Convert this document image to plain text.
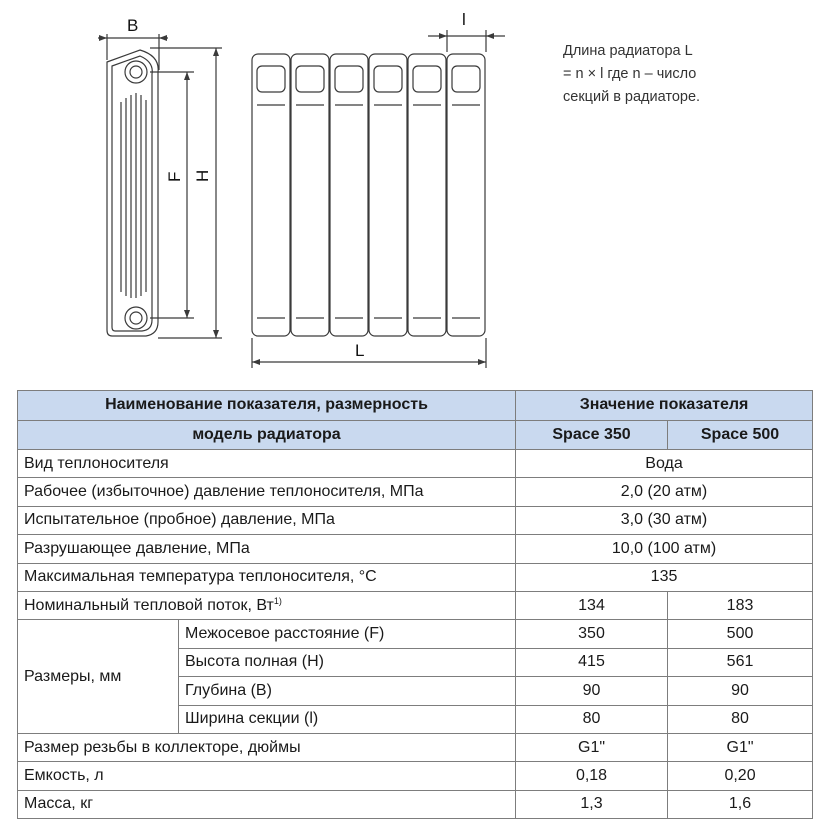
B	l
F H
L
Длина радиатора L
= n × l где n – число
секций в радиаторе.
Наименование показателя, размерность		Значение показателя	
модель радиатора		Space 350	Space 500
Вид теплоносителя		Вода	
Рабочее (избыточное) давление теплоносителя, МПа		2,0 (20 атм)	
Испытательное (пробное) давление, МПа		3,0 (30 атм)	
Разрушающее давление, МПа		10,0 (100 атм)	
Максимальная температура теплоносителя, °С		135	
Номинальный тепловой поток, $Вт^{1)}$		134	183
Размеры, мм	Межосевое расстояние (F)	350	500
	Высота полная (H)	415	561
	Глубина (B)	90	90
	Ширина секции (l)	80	80
Размер резьбы в коллекторе, дюймы		G1"	G1"
Емкость, л		0,18	0,20
Масса, кг		1,3	1,6
